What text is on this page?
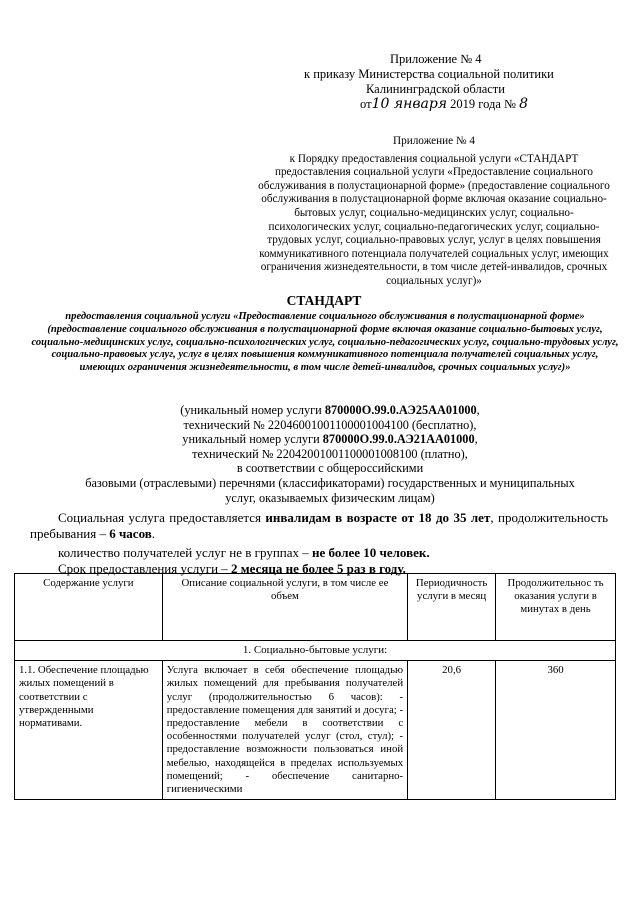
Приложение № 4
к приказу Министерства социальной политики
Калининградской области
от10 января 2019 года № 8
Приложение № 4
к Порядку предоставления социальной услуги «СТАНДАРТ предоставления социальной услуги «Предоставление социального обслуживания в полустационарной форме» (предоставление социального обслуживания в полустационарной форме включая оказание социально-бытовых услуг, социально-медицинских услуг, социально-психологических услуг, социально-педагогических услуг, социально-трудовых услуг, социально-правовых услуг, услуг в целях повышения коммуникативного потенциала получателей социальных услуг, имеющих ограничения жизнедеятельности, в том числе детей-инвалидов, срочных социальных услуг)»
СТАНДАРТ
предоставления социальной услуги «Предоставление социального обслуживания в полустационарной форме» (предоставление социального обслуживания в полустационарной форме включая оказание социально-бытовых услуг, социально-медицинских услуг, социально-психологических услуг, социально-педагогических услуг, социально-трудовых услуг, социально-правовых услуг, услуг в целях повышения коммуникативного потенциала получателей социальных услуг, имеющих ограничения жизнедеятельности, в том числе детей-инвалидов, срочных социальных услуг)»
(уникальный номер услуги 870000О.99.0.АЭ25АА01000,
технический № 22046001001100001004100 (бесплатно),
уникальный номер услуги 870000О.99.0.АЭ21АА01000,
технический № 22042001001100001008100 (платно),
в соответствии с общероссийскими
базовыми (отраслевыми) перечнями (классификаторами) государственных и муниципальных
услуг, оказываемых физическим лицам)
Социальная услуга предоставляется инвалидам в возрасте от 18 до 35 лет, продолжительность пребывания – 6 часов.
количество получателей услуг не в группах – не более 10 человек.
Срок предоставления услуги – 2 месяца не более 5 раз в году.
Содержание услуги	Описание социальной услуги, в том числе ее объем	Периодичность услуги в месяц	Продолжительнос ть оказания услуги в минутах в день
1. Социально-бытовые услуги:			
1.1. Обеспечение площадью жилых помещений в соответствии с утвержденными нормативами.	Услуга включает в себя обеспечение площадью жилых помещений для пребывания получателей услуг (продолжительностью 6 часов): - предоставление помещения для занятий и досуга; - предоставление мебели в соответствии с особенностями получателей услуг (стол, стул); - предоставление возможности пользоваться иной мебелью, находящейся в пределах используемых помещений; - обеспечение санитарно-гигиеническими	20,6	360
